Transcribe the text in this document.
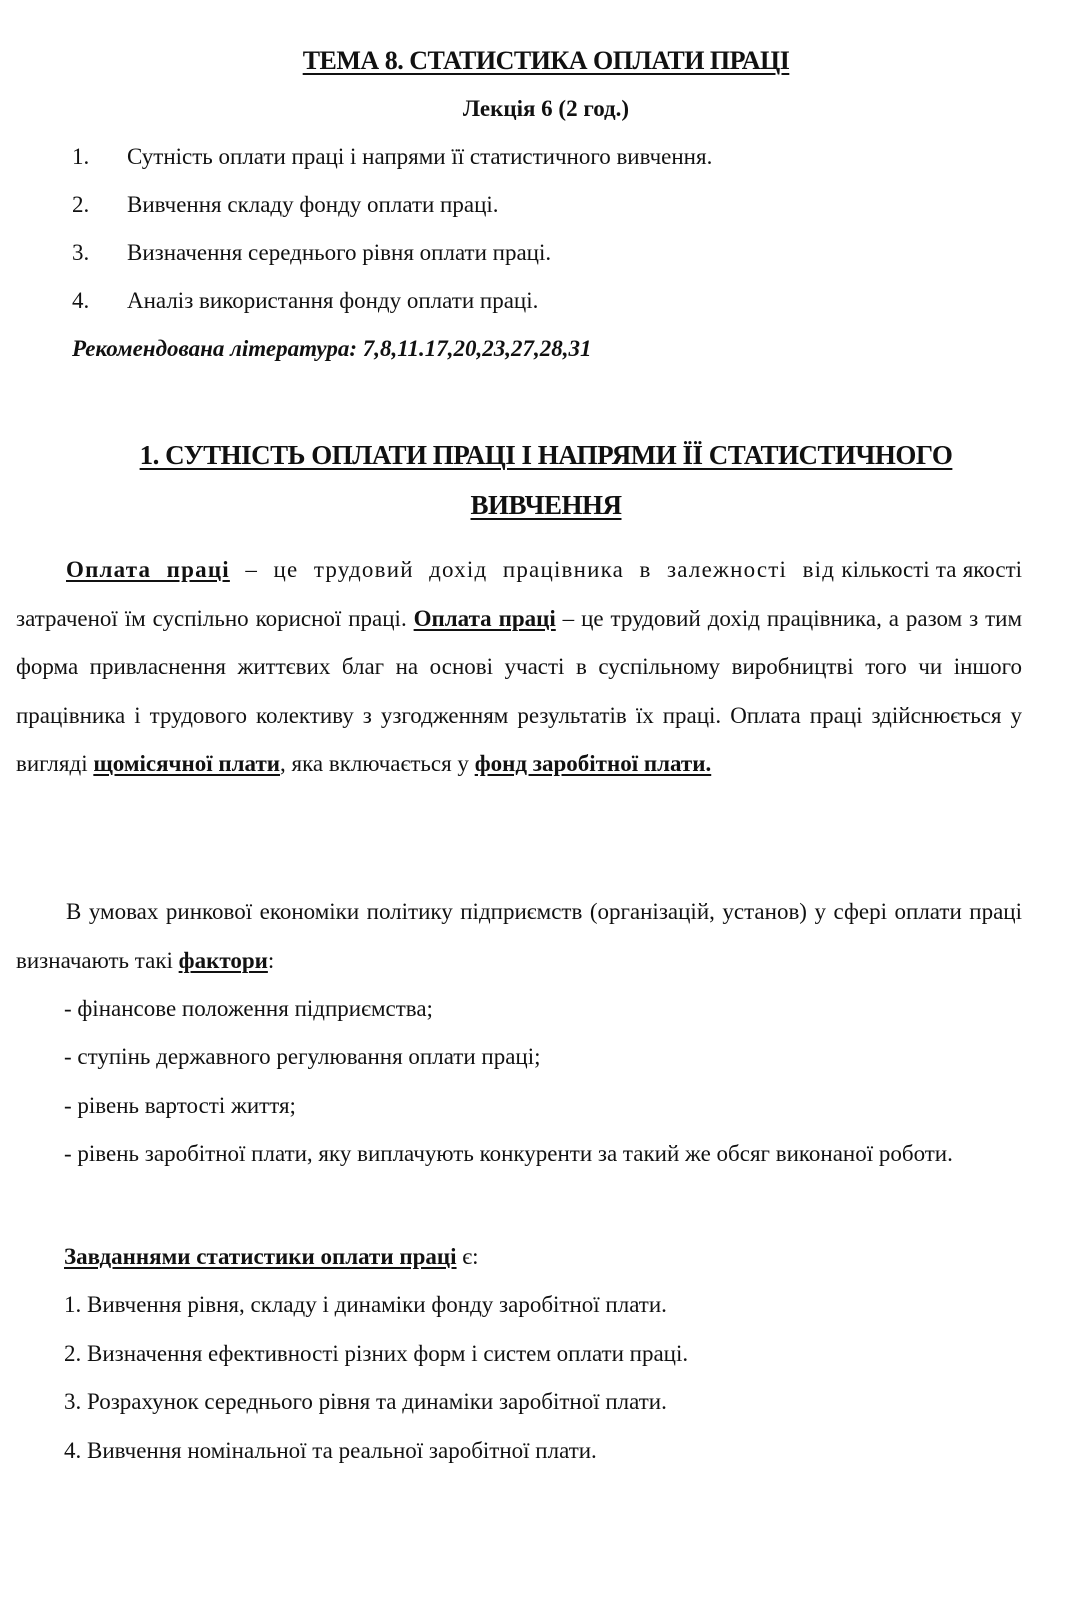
ТЕМА 8. СТАТИСТИКА ОПЛАТИ ПРАЦІ
Лекція 6 (2 год.)
1. Сутність оплати праці і напрями її статистичного вивчення.
2. Вивчення складу фонду оплати праці.
3. Визначення середнього рівня оплати праці.
4. Аналіз використання фонду оплати праці.
Рекомендована література: 7,8,11.17,20,23,27,28,31
1. СУТНІСТЬ ОПЛАТИ ПРАЦІ І НАПРЯМИ ЇЇ СТАТИСТИЧНОГО
ВИВЧЕННЯ

Оплата праці – це трудовий дохід працівника в залежності від кількості та якості затраченої їм суспільно корисної праці. Оплата праці – це трудовий дохід працівника, а разом з тим форма привласнення життєвих благ на основі участі в суспільному виробництві того чи іншого працівника і трудового колективу з узгодженням результатів їх праці. Оплата праці здійснюється у вигляді щомісячної плати, яка включається у фонд заробітної плати.

В умовах ринкової економіки політику підприємств (організацій, установ) у сфері оплати праці визначають такі фактори:

- фінансове положення підприємства;
- ступінь державного регулювання оплати праці;
- рівень вартості життя;

- рівень заробітної плати, яку виплачують конкуренти за такий же обсяг виконаної роботи.

Завданнями статистики оплати праці є:
1. Вивчення рівня, складу і динаміки фонду заробітної плати.
2. Визначення ефективності різних форм і систем оплати праці.
3. Розрахунок середнього рівня та динаміки заробітної плати.
4. Вивчення номінальної та реальної заробітної плати.
